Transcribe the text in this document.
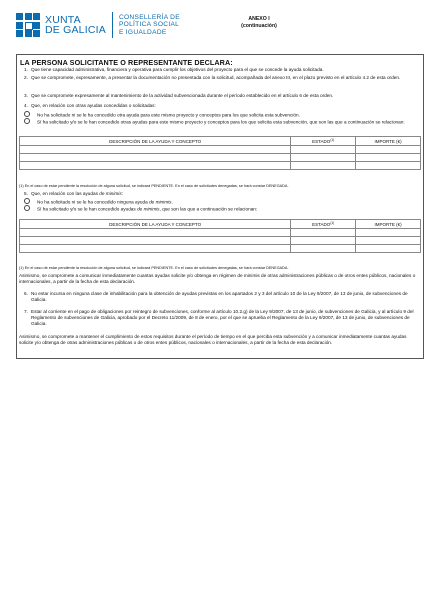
XUNTA
DE GALICIA
CONSELLERÍA DE
POLÍTICA SOCIAL
E IGUALDADE
ANEXO I
(continuación)
LA PERSONA SOLICITANTE O REPRESENTANTE DECLARA:
1. Que tiene capacidad administrativa, financiera y operativa para cumplir los objetivos del proyecto para el que se concede la ayuda solicitada.
2. Que se compromete, expresamente, a presentar la documentación no presentada con la solicitud, acompañada del anexo III, en el plazo previsto en el artículo 4.2 de esta orden.
3. Que se compromete expresamente al mantenimiento de la actividad subvencionada durante el período establecido en el artículo 6 de esta orden.
4. Que, en relación con otras ayudas concedidas o solicitadas:
No ha solicitado ni se le ha concedido otra ayuda para este mismo proyecto y conceptos para los que solicita esta subvención.
Sí ha solicitado y/o se le han concedido otras ayudas para este mismo proyecto y conceptos para los que solicita esta subvención, que son las que a continuación se relacionan:
DESCRIPCIÓN DE LA AYUDA Y CONCEPTO	ESTADO$^{(1)}$	IMPORTE (€)

(1) En el caso de estar pendiente la resolución de alguna solicitud, se indicará PENDIENTE. En el caso de solicitudes denegadas, se hará constar DENEGADA.
5. Que, en relación con las ayudas de minimis:
No ha solicitado ni se le ha concedido ninguna ayuda de minimis.
Sí ha solicitado y/o se le han concedido ayudas de minimis, que son las que a continuación se relacionan:
DESCRIPCIÓN DE LA AYUDA Y CONCEPTO	ESTADO$^{(1)}$	IMPORTE (€)

(1) En el caso de estar pendiente la resolución de alguna solicitud, se indicará PENDIENTE. En el caso de solicitudes denegadas, se hará constar DENEGADA.
Asimismo, se compromete a comunicar inmediatamente cuantas ayudas solicite y/o obtenga en régimen de minimis de otras administraciones públicas o de otros entes públicos, nacionales o internacionales, a partir de la fecha de esta declaración.
6. No estar incursa en ninguna clase de inhabilitación para la obtención de ayudas previstas en los apartados 2 y 3 del artículo 10 de la Ley 9/2007, de 13 de junio, de subvenciones de Galicia.
7. Estar al corriente en el pago de obligaciones por reintegro de subvenciones, conforme al artículo 10.2.g) de la Ley 9/2007, de 13 de junio, de subvenciones de Galicia, y al artículo 9 del Reglamento de subvenciones de Galicia, aprobado por el Decreto 11/2009, de 8 de enero, por el que se aprueba el Reglamento de la Ley 9/2007, de 13 de junio, de subvenciones de Galicia.
Asimismo, se compromete a mantener el cumplimiento de estos requisitos durante el período de tiempo en el que perciba esta subvención y a comunicar inmediatamente cuantas ayudas solicite y/o obtenga de otras administraciones públicas o de otros entes públicos, nacionales o internacionales, a partir de la fecha de esta declaración.
